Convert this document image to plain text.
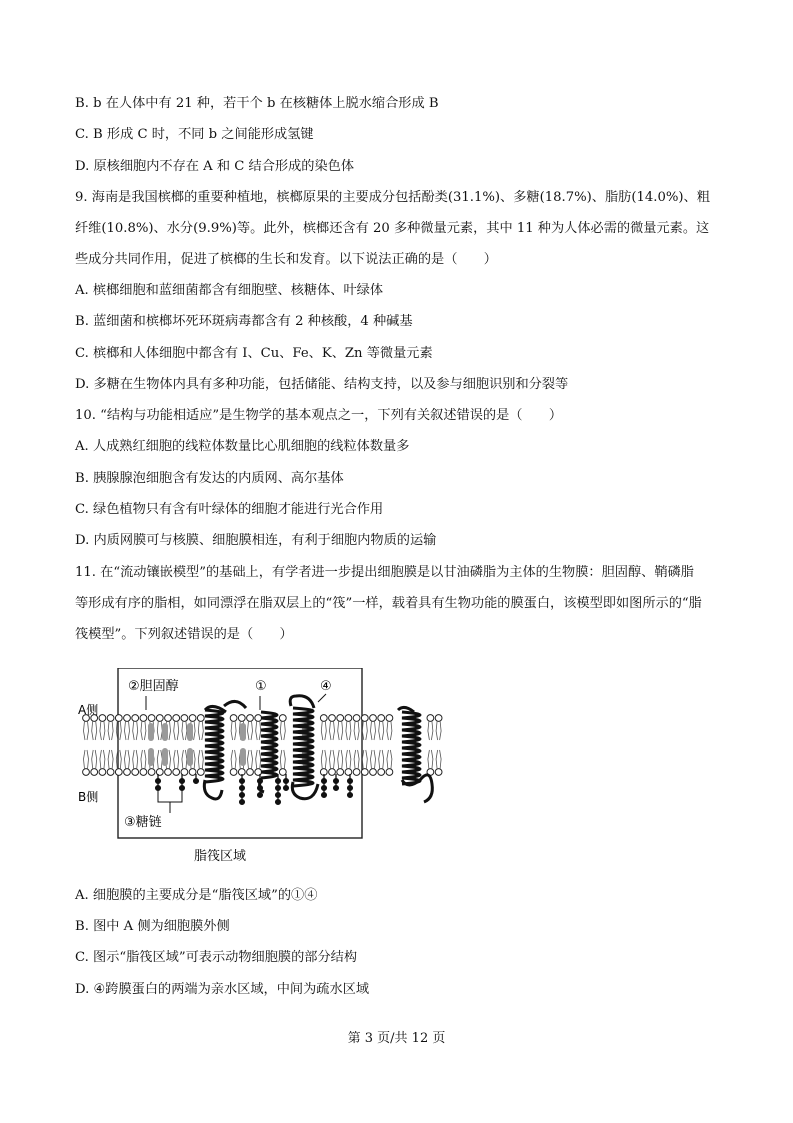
B. b 在人体中有 21 种，若干个 b 在核糖体上脱水缩合形成 B
C. B 形成 C 时，不同 b 之间能形成氢键
D. 原核细胞内不存在 A 和 C 结合形成的染色体
9. 海南是我国槟榔的重要种植地，槟榔原果的主要成分包括酚类(31.1%)、多糖(18.7%)、脂肪(14.0%)、粗
纤维(10.8%)、水分(9.9%)等。此外，槟榔还含有 20 多种微量元素，其中 11 种为人体必需的微量元素。这
些成分共同作用，促进了槟榔的生长和发育。以下说法正确的是（　　）
A. 槟榔细胞和蓝细菌都含有细胞壁、核糖体、叶绿体
B. 蓝细菌和槟榔坏死环斑病毒都含有 2 种核酸，4 种碱基
C. 槟榔和人体细胞中都含有 I、Cu、Fe、K、Zn 等微量元素
D. 多糖在生物体内具有多种功能，包括储能、结构支持，以及参与细胞识别和分裂等
10. “结构与功能相适应”是生物学的基本观点之一，下列有关叙述错误的是（　　）
A. 人成熟红细胞的线粒体数量比心肌细胞的线粒体数量多
B. 胰腺腺泡细胞含有发达的内质网、高尔基体
C. 绿色植物只有含有叶绿体的细胞才能进行光合作用
D. 内质网膜可与核膜、细胞膜相连，有利于细胞内物质的运输
11. 在“流动镶嵌模型”的基础上，有学者进一步提出细胞膜是以甘油磷脂为主体的生物膜：胆固醇、鞘磷脂
等形成有序的脂相，如同漂浮在脂双层上的“筏”一样，载着具有生物功能的膜蛋白，该模型即如图所示的“脂
筏模型”。下列叙述错误的是（　　）
②胆固醇	①	④
A侧
B侧
③糖链
脂筏区域
A. 细胞膜的主要成分是“脂筏区域”的①④
B. 图中 A 侧为细胞膜外侧
C. 图示“脂筏区域”可表示动物细胞膜的部分结构
D. ④跨膜蛋白的两端为亲水区域，中间为疏水区域
第 3 页/共 12 页
